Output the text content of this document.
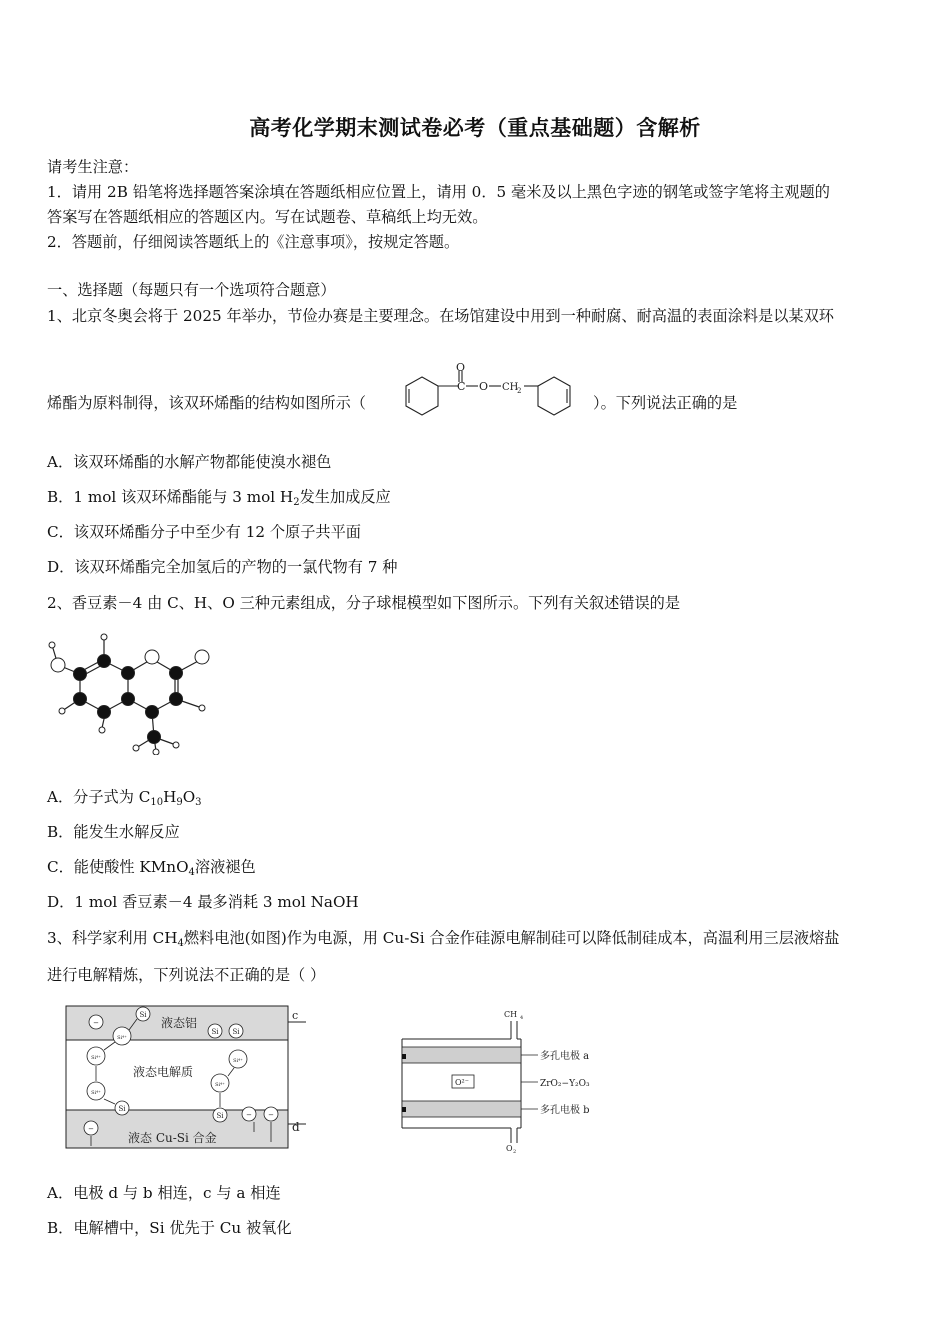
高考化学期末测试卷必考（重点基础题）含解析
请考生注意：
1．请用 2B 铅笔将选择题答案涂填在答题纸相应位置上，请用 0．5 毫米及以上黑色字迹的钢笔或签字笔将主观题的
答案写在答题纸相应的答题区内。写在试题卷、草稿纸上均无效。
2．答题前，仔细阅读答题纸上的《注意事项》，按规定答题。
一、选择题（每题只有一个选项符合题意）
1、北京冬奥会将于 2025 年举办，节俭办赛是主要理念。在场馆建设中用到一种耐腐、耐高温的表面涂料是以某双环
烯酯为原料制得，该双环烯酯的结构如图所示（
O
C O CH
2
）。下列说法正确的是
A．该双环烯酯的水解产物都能使溴水褪色
B．1 mol 该双环烯酯能与 3 mol $H_2$发生加成反应
C．该双环烯酯分子中至少有 12 个原子共平面
D．该双环烯酯完全加氢后的产物的一氯代物有 7 种
2、香豆素－4 由 C、H、O 三种元素组成，分子球棍模型如下图所示。下列有关叙述错误的是
A．分子式为 $C_{10}H_9O_3$
B．能发生水解反应
C．能使酸性 KMnO$_4$溶液褪色
D．1 mol 香豆素－4 最多消耗 3 mol NaOH
3、科学家利用 $CH_4$燃料电池(如图)作为电源，用 Cu-Si 合金作硅源电解制硅可以降低制硅成本，高温利用三层液熔盐
进行电解精炼，下列说法不正确的是（ ）
c
d
液态铝
液态电解质
液态 Cu-Si 合金
−
Si
Si⁴⁺
Si Si
Si⁴⁺
Si⁴⁺
Si
Si⁴⁺
Si⁴⁺
Si	− −
−
CH 4
O²⁻
多孔电极 a
ZrO₂−Y₂O₃
多孔电极 b
O 2
A．电极 d 与 b 相连，c 与 a 相连
B．电解槽中，Si 优先于 Cu 被氧化
